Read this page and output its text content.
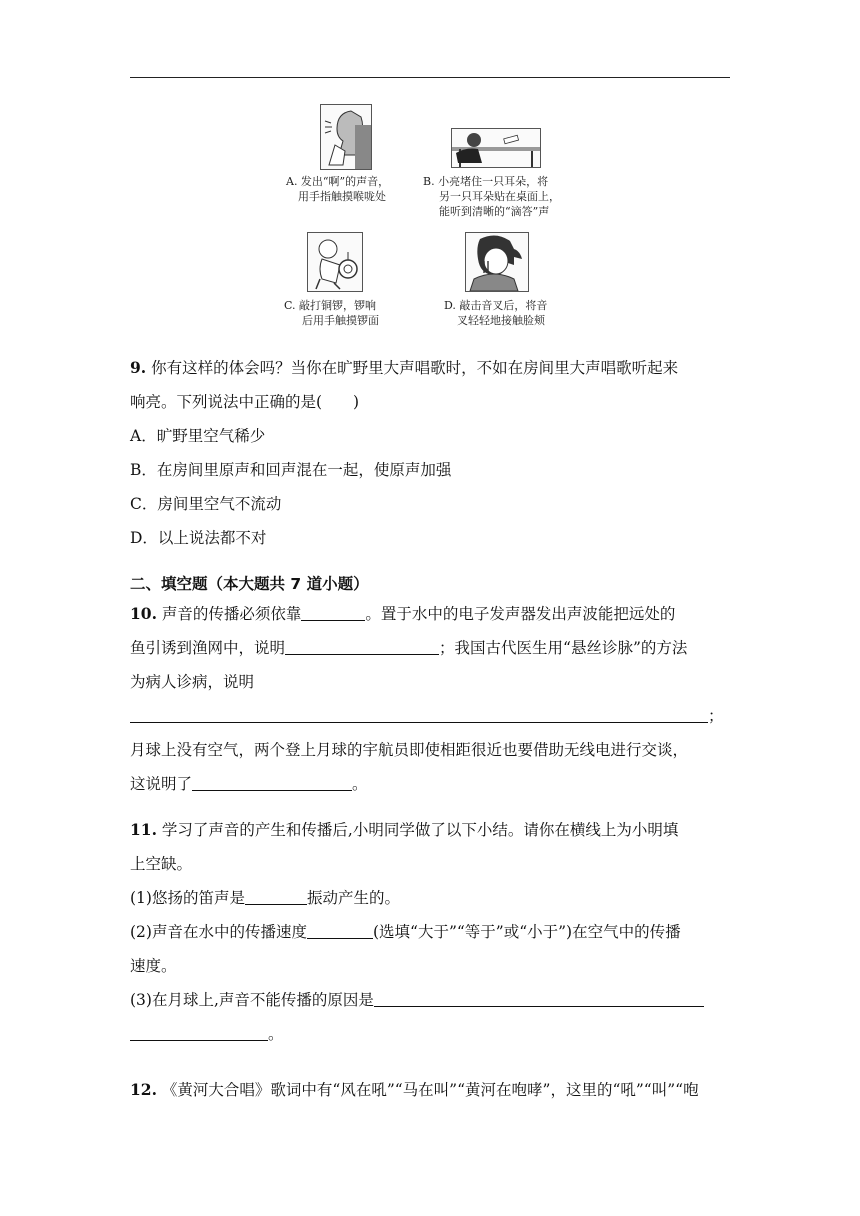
A. 发出“啊”的声音，
用手指触摸喉咙处
B. 小亮堵住一只耳朵，将
另一只耳朵贴在桌面上，
能听到清晰的“滴答”声
C. 敲打铜锣，锣响
后用手触摸锣面
D. 敲击音叉后，将音
叉轻轻地接触脸颊
9. 你有这样的体会吗？当你在旷野里大声唱歌时，不如在房间里大声唱歌听起来
响亮。下列说法中正确的是(　　)
A．旷野里空气稀少
B．在房间里原声和回声混在一起，使原声加强
C．房间里空气不流动
D．以上说法都不对
二、填空题（本大题共 7 道小题）
10. 声音的传播必须依靠	。置于水中的电子发声器发出声波能把远处的
鱼引诱到渔网中，说明	；我国古代医生用“悬丝诊脉”的方法
为病人诊病，说明
；
月球上没有空气，两个登上月球的宇航员即使相距很近也要借助无线电进行交谈，
这说明了	。
11. 学习了声音的产生和传播后,小明同学做了以下小结。请你在横线上为小明填
上空缺。
(1)悠扬的笛声是	振动产生的。
(2)声音在水中的传播速度	(选填“大于”“等于”或“小于”)在空气中的传播
速度。
(3)在月球上,声音不能传播的原因是
。
12. 《黄河大合唱》歌词中有“风在吼”“马在叫”“黄河在咆哮”，这里的“吼”“叫”“咆
